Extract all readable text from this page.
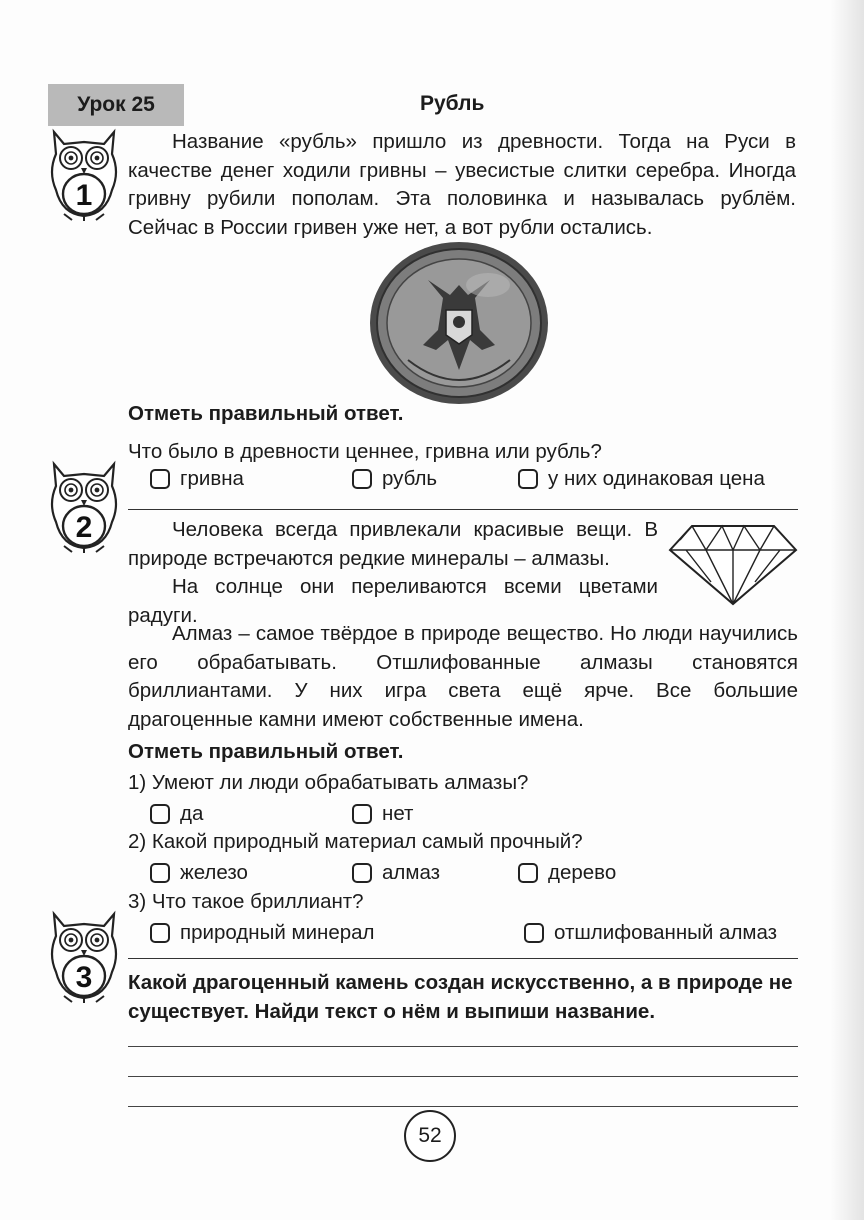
Урок 25	Рубль
1

Название «рубль» пришло из древности. Тогда на Руси в качестве денег ходили гривны – увесистые слитки серебра. Иногда гривну рубили пополам. Эта половинка и называлась рублём. Сейчас в России гривен уже нет, а вот рубли остались.

Отметь правильный ответ.
Что было в древности ценнее, гривна или рубль?
гривна	рубль	у них одинаковая цена
2	Человека всегда привлекали красивые вещи. В природе встречаются редкие минералы – алмазы.

На солнце они переливаются всеми цветами радуги.

Алмаз – самое твёрдое в природе вещество. Но люди научились его обрабатывать. Отшлифованные алмазы становятся бриллиантами. У них игра света ещё ярче. Все большие драгоценные камни имеют собственные имена.

Отметь правильный ответ.
1) Умеют ли люди обрабатывать алмазы?
да	нет
2) Какой природный материал самый прочный?
железо	алмаз	дерево
3) Что такое бриллиант?
природный минерал	отшлифованный алмаз
3 Какой драгоценный камень создан искусственно, а в природе не существует. Найди текст о нём и выпиши название.
52
